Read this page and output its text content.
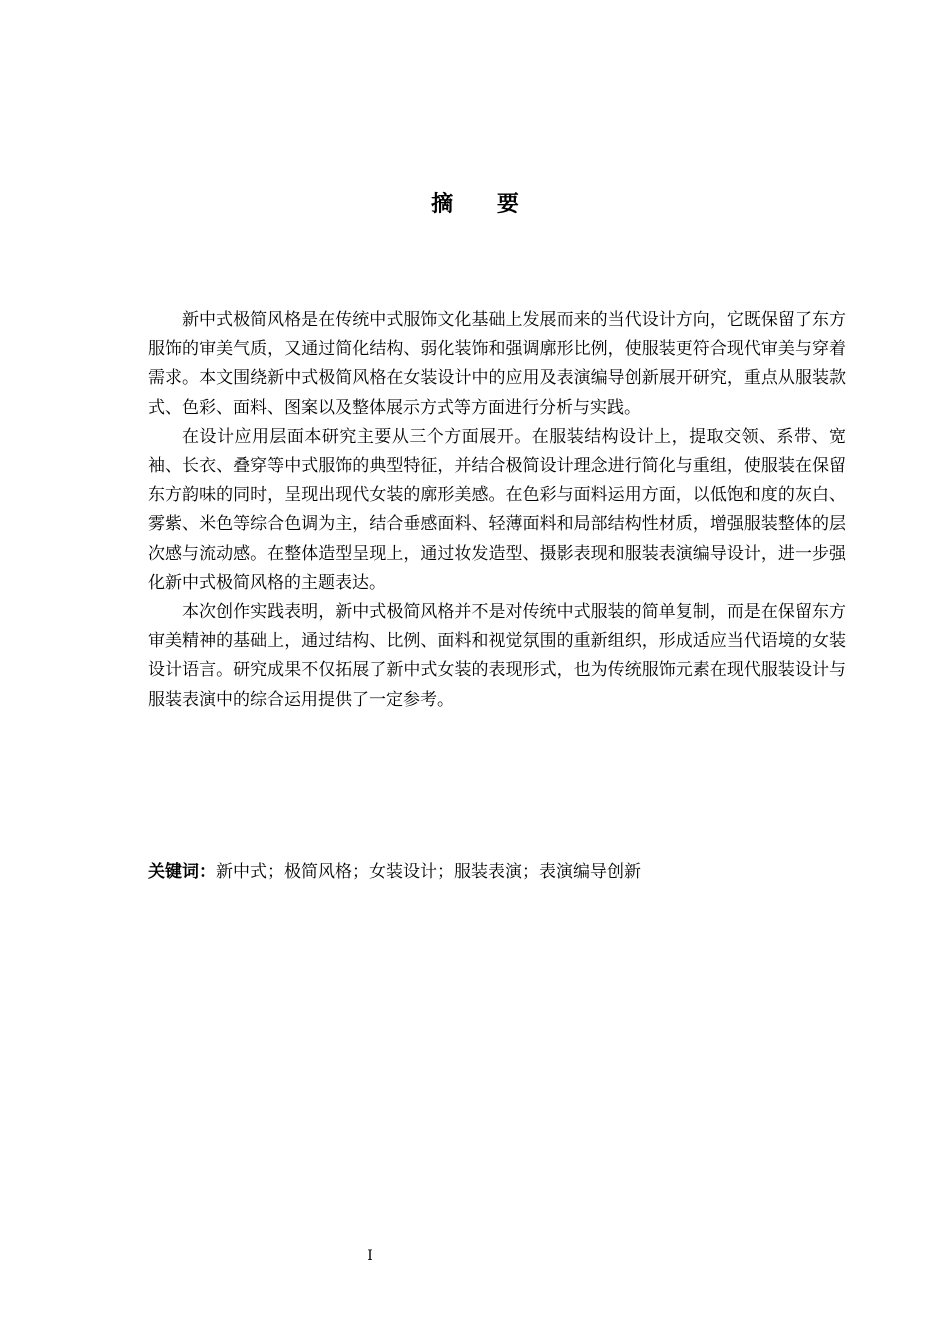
摘 要

新中式极简风格是在传统中式服饰文化基础上发展而来的当代设计方向，它既保留了东方服饰的审美气质，又通过简化结构、弱化装饰和强调廓形比例，使服装更符合现代审美与穿着需求。本文围绕新中式极简风格在女装设计中的应用及表演编导创新展开研究，重点从服装款式、色彩、面料、图案以及整体展示方式等方面进行分析与实践。

在设计应用层面本研究主要从三个方面展开。在服装结构设计上，提取交领、系带、宽袖、长衣、叠穿等中式服饰的典型特征，并结合极简设计理念进行简化与重组，使服装在保留东方韵味的同时，呈现出现代女装的廓形美感。在色彩与面料运用方面，以低饱和度的灰白、雾紫、米色等综合色调为主，结合垂感面料、轻薄面料和局部结构性材质，增强服装整体的层次感与流动感。在整体造型呈现上，通过妆发造型、摄影表现和服装表演编导设计，进一步强化新中式极简风格的主题表达。

本次创作实践表明，新中式极简风格并不是对传统中式服装的简单复制，而是在保留东方审美精神的基础上，通过结构、比例、面料和视觉氛围的重新组织，形成适应当代语境的女装设计语言。研究成果不仅拓展了新中式女装的表现形式，也为传统服饰元素在现代服装设计与服装表演中的综合运用提供了一定参考。

关键词：新中式；极简风格；女装设计；服装表演；表演编导创新
I
